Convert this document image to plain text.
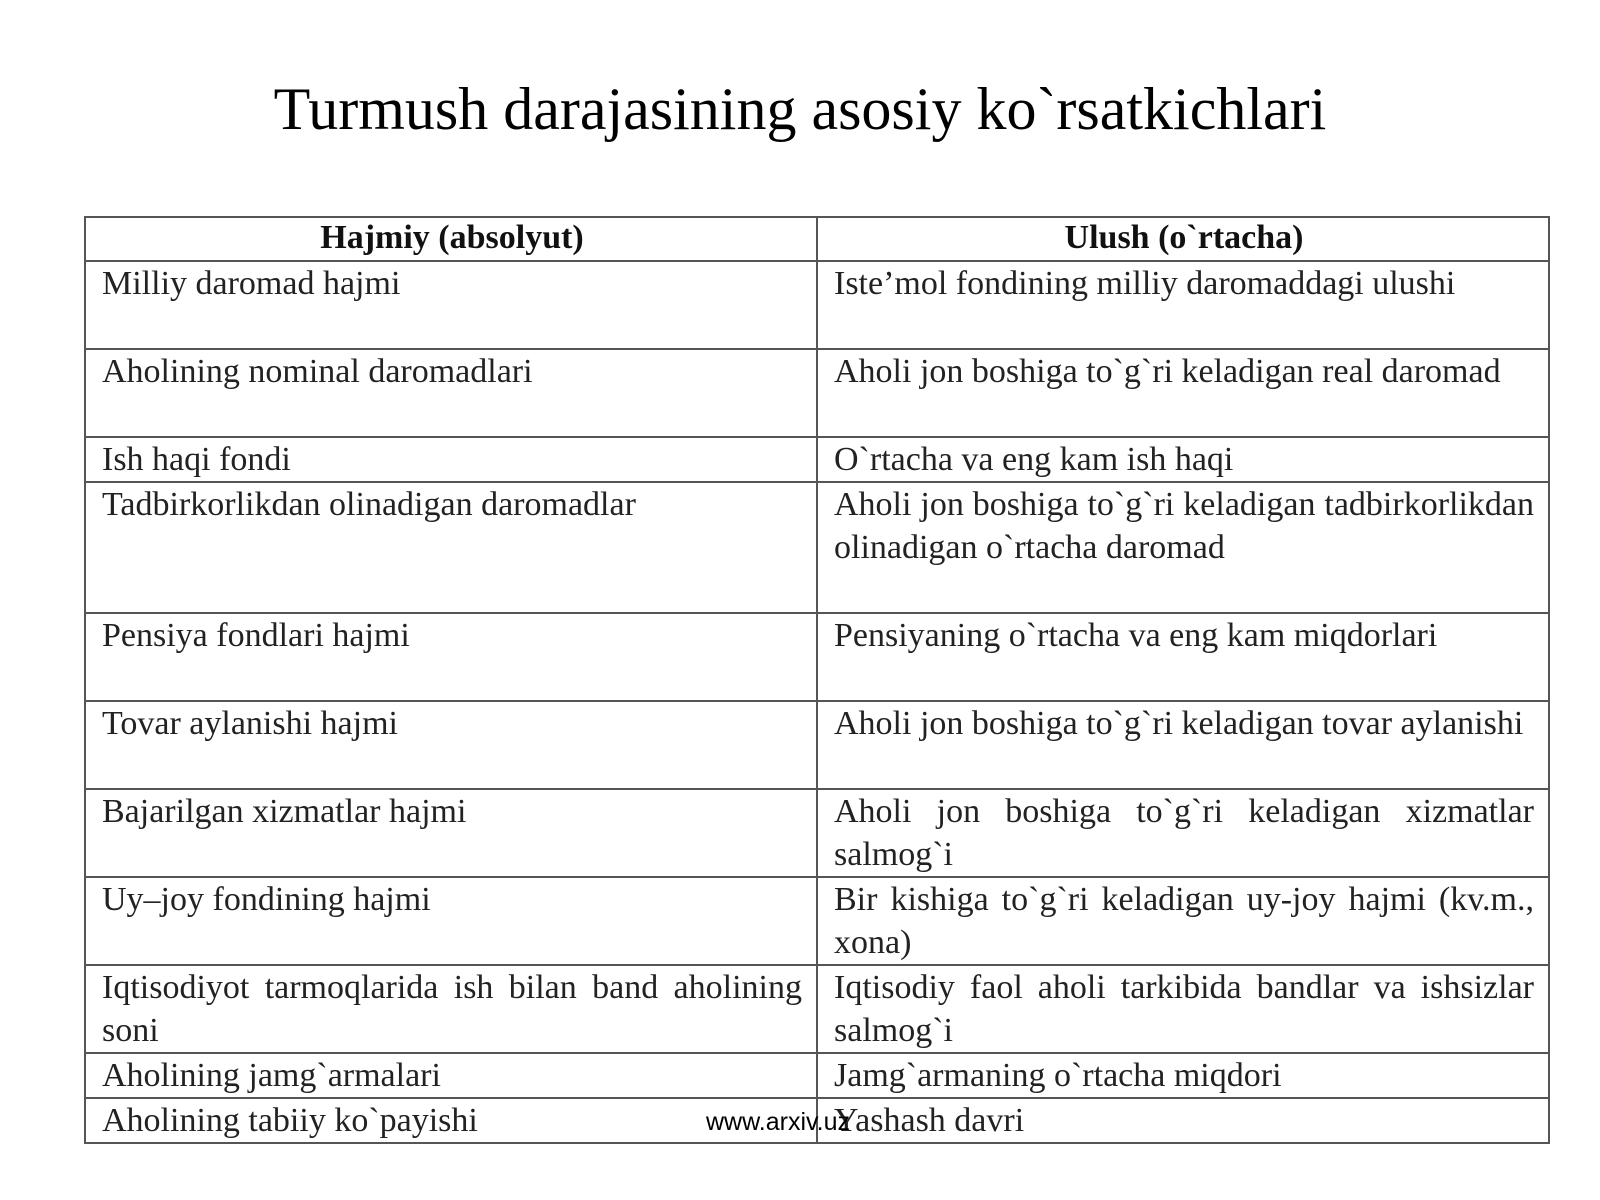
Turmush darajasining asosiy ko`rsatkichlari
Hajmiy (absolyut)	Ulush (o`rtacha)
Milliy daromad hajmi	Iste’mol fondining milliy daromaddagi ulushi
Aholining nominal daromadlari	Aholi jon boshiga to`g`ri keladigan real daromad
Ish haqi fondi	O`rtacha va eng kam ish haqi
Tadbirkorlikdan olinadigan daromadlar	Aholi jon boshiga to`g`ri keladigan tadbirkorlikdan olinadigan o`rtacha daromad
Pensiya fondlari hajmi	Pensiyaning o`rtacha va eng kam miqdorlari
Tovar aylanishi hajmi	Aholi jon boshiga to`g`ri keladigan tovar aylanishi
Bajarilgan xizmatlar hajmi	Aholi jon boshiga to`g`ri keladigan xizmatlar salmog`i
Uy–joy fondining hajmi	Bir kishiga to`g`ri keladigan uy-joy hajmi (kv.m., xona)
Iqtisodiyot tarmoqlarida ish bilan band aholining soni	Iqtisodiy faol aholi tarkibida bandlar va ishsizlar salmog`i
Aholining jamg`armalari	Jamg`armaning o`rtacha miqdori
Aholining tabiiy ko`payishi	Yashash davri
www.arxiv.uz
